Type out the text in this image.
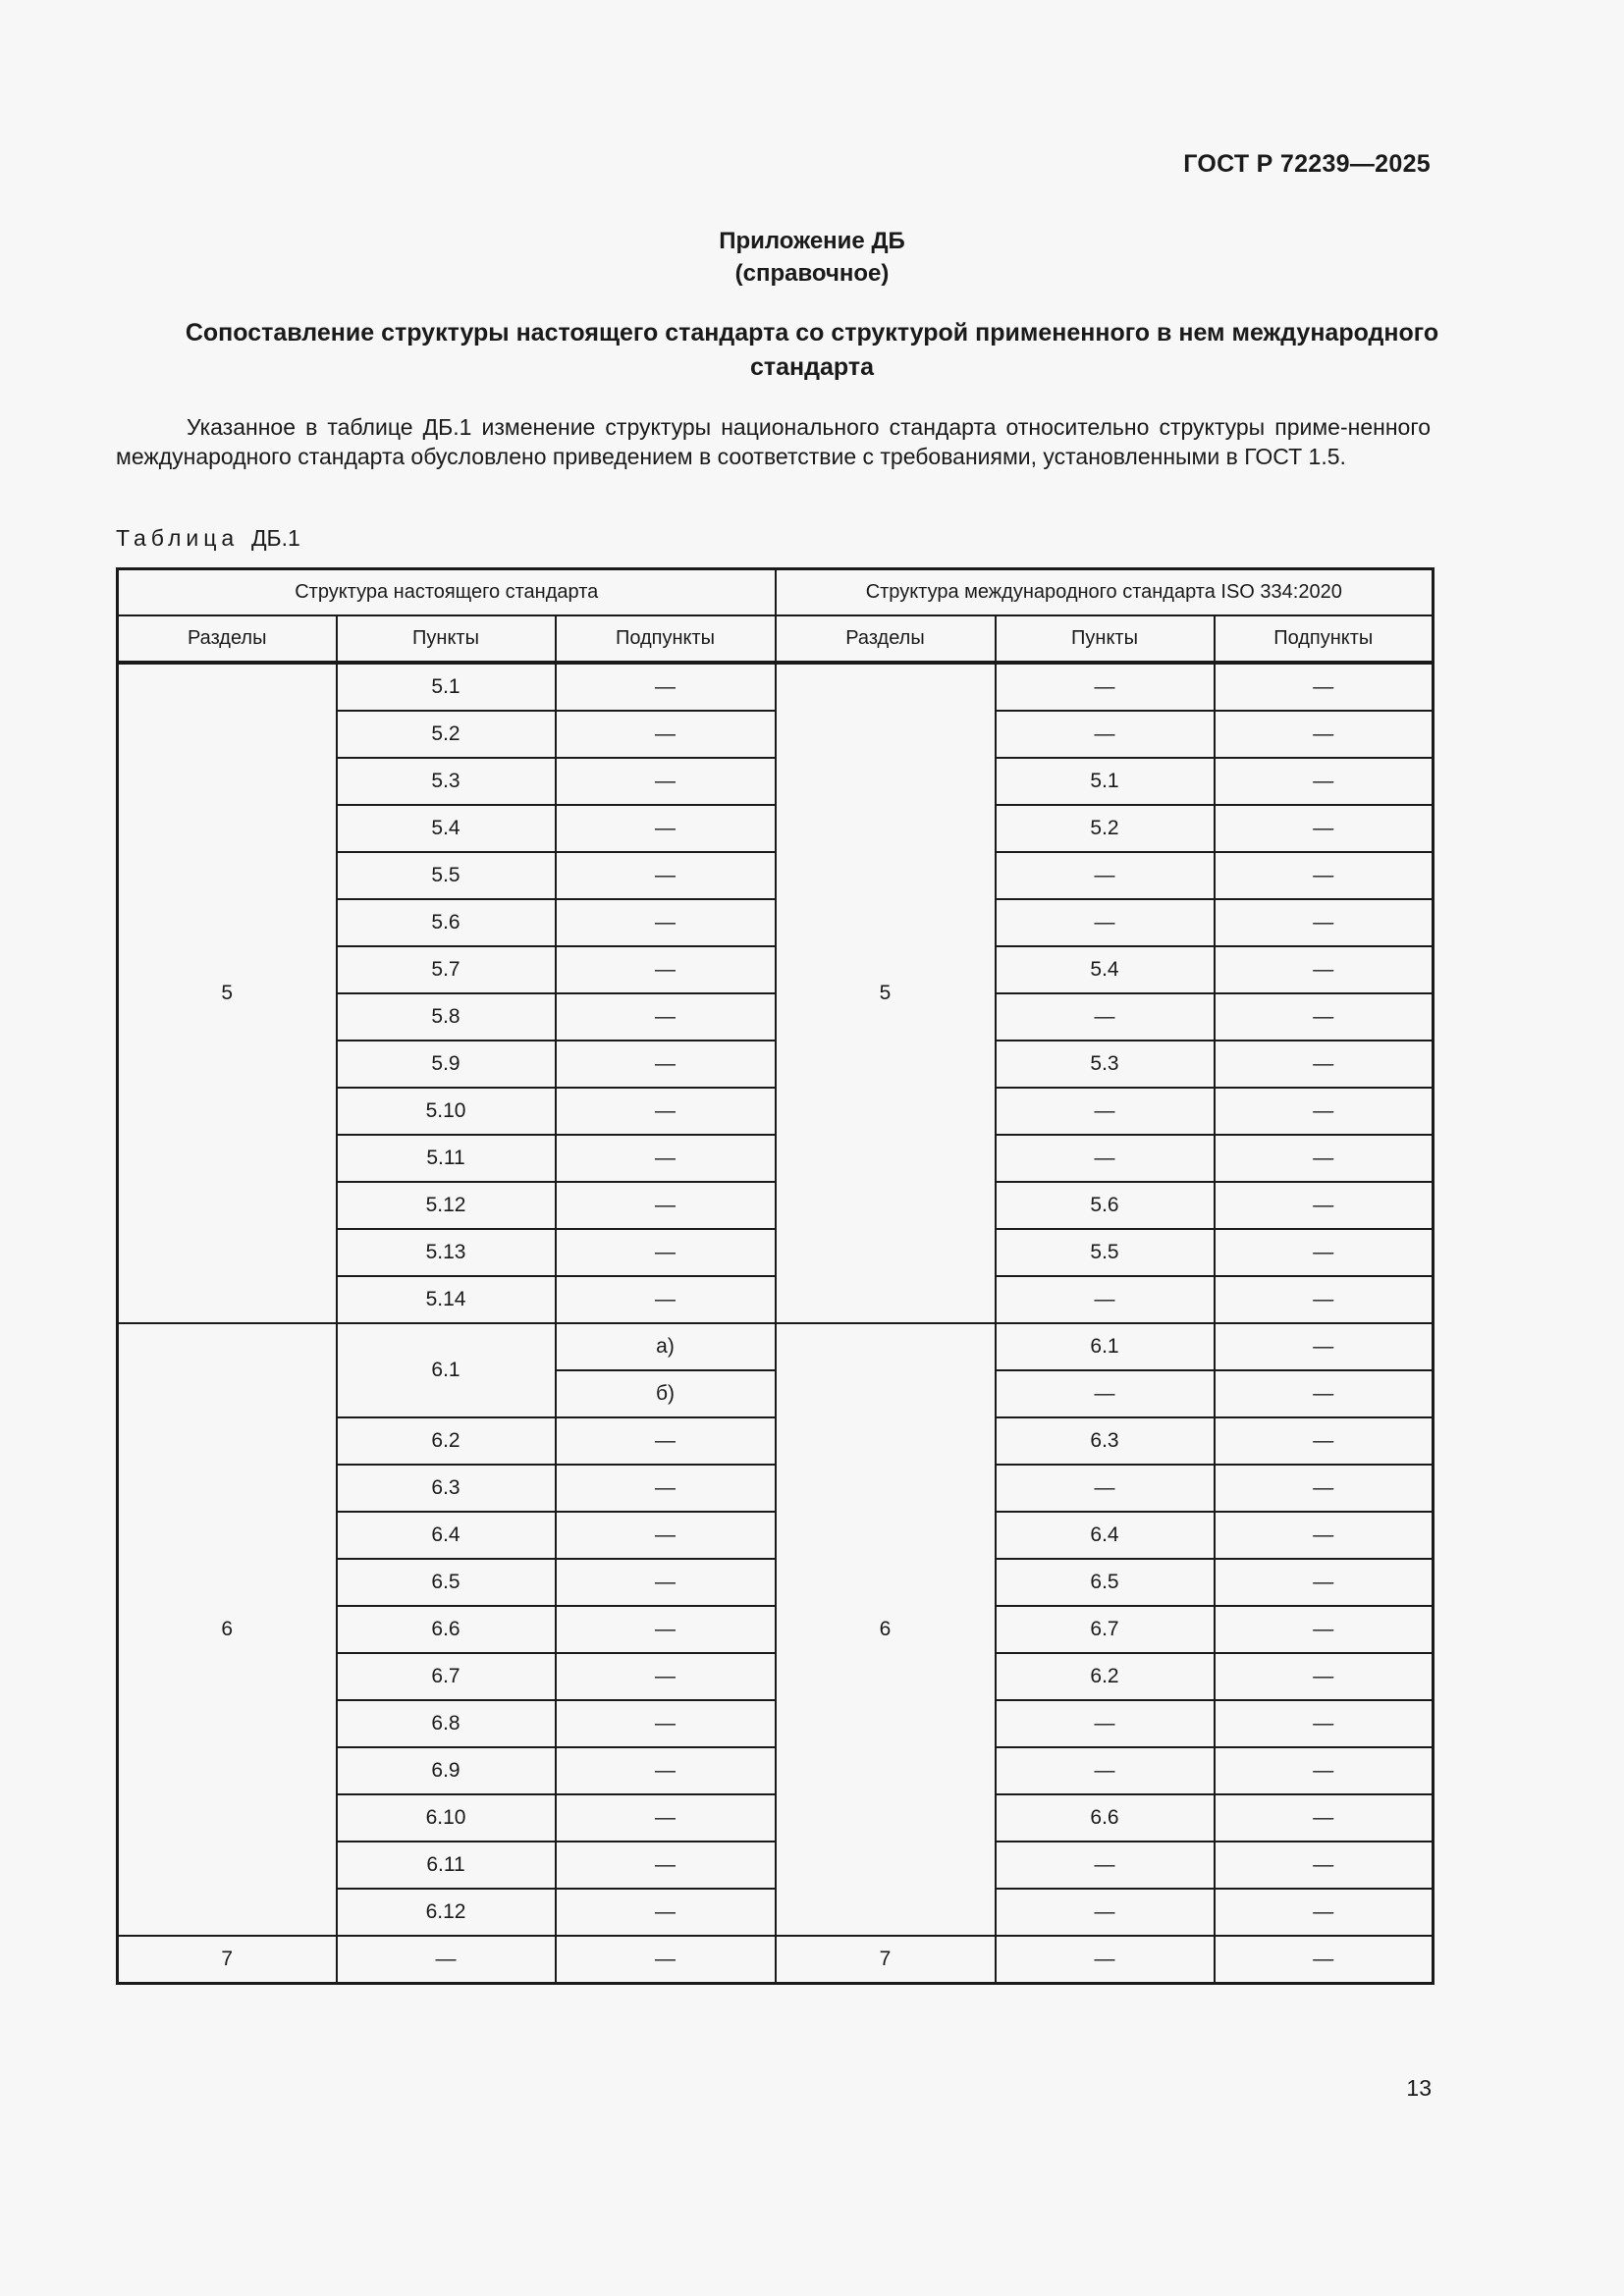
ГОСТ Р 72239—2025
Приложение ДБ
(справочное)
Сопоставление структуры настоящего стандарта со структурой примененного в нем международного стандарта

Указанное в таблице ДБ.1 изменение структуры национального стандарта относительно структуры приме-ненного международного стандарта обусловлено приведением в соответствие с требованиями, установленными в ГОСТ 1.5.

Таблица ДБ.1
Структура настоящего стандарта			Структура международного стандарта ISO 334:2020		
Разделы	Пункты	Подпункты	Разделы	Пункты	Подпункты
5	5.1	—	5	—	—
	5.2	—		—	—
	5.3	—		5.1	—
	5.4	—		5.2	—
	5.5	—		—	—
	5.6	—		—	—
	5.7	—		5.4	—
	5.8	—		—	—
	5.9	—		5.3	—
	5.10	—		—	—
	5.11	—		—	—
	5.12	—		5.6	—
	5.13	—		5.5	—
	5.14	—		—	—
6	6.1	а)	6	6.1	—
		б)		—	—
	6.2	—		6.3	—
	6.3	—		—	—
	6.4	—		6.4	—
	6.5	—		6.5	—
	6.6	—		6.7	—
	6.7	—		6.2	—
	6.8	—		—	—
	6.9	—		—	—
	6.10	—		6.6	—
	6.11	—		—	—
	6.12	—		—	—
7	—	—	7	—	—
13
